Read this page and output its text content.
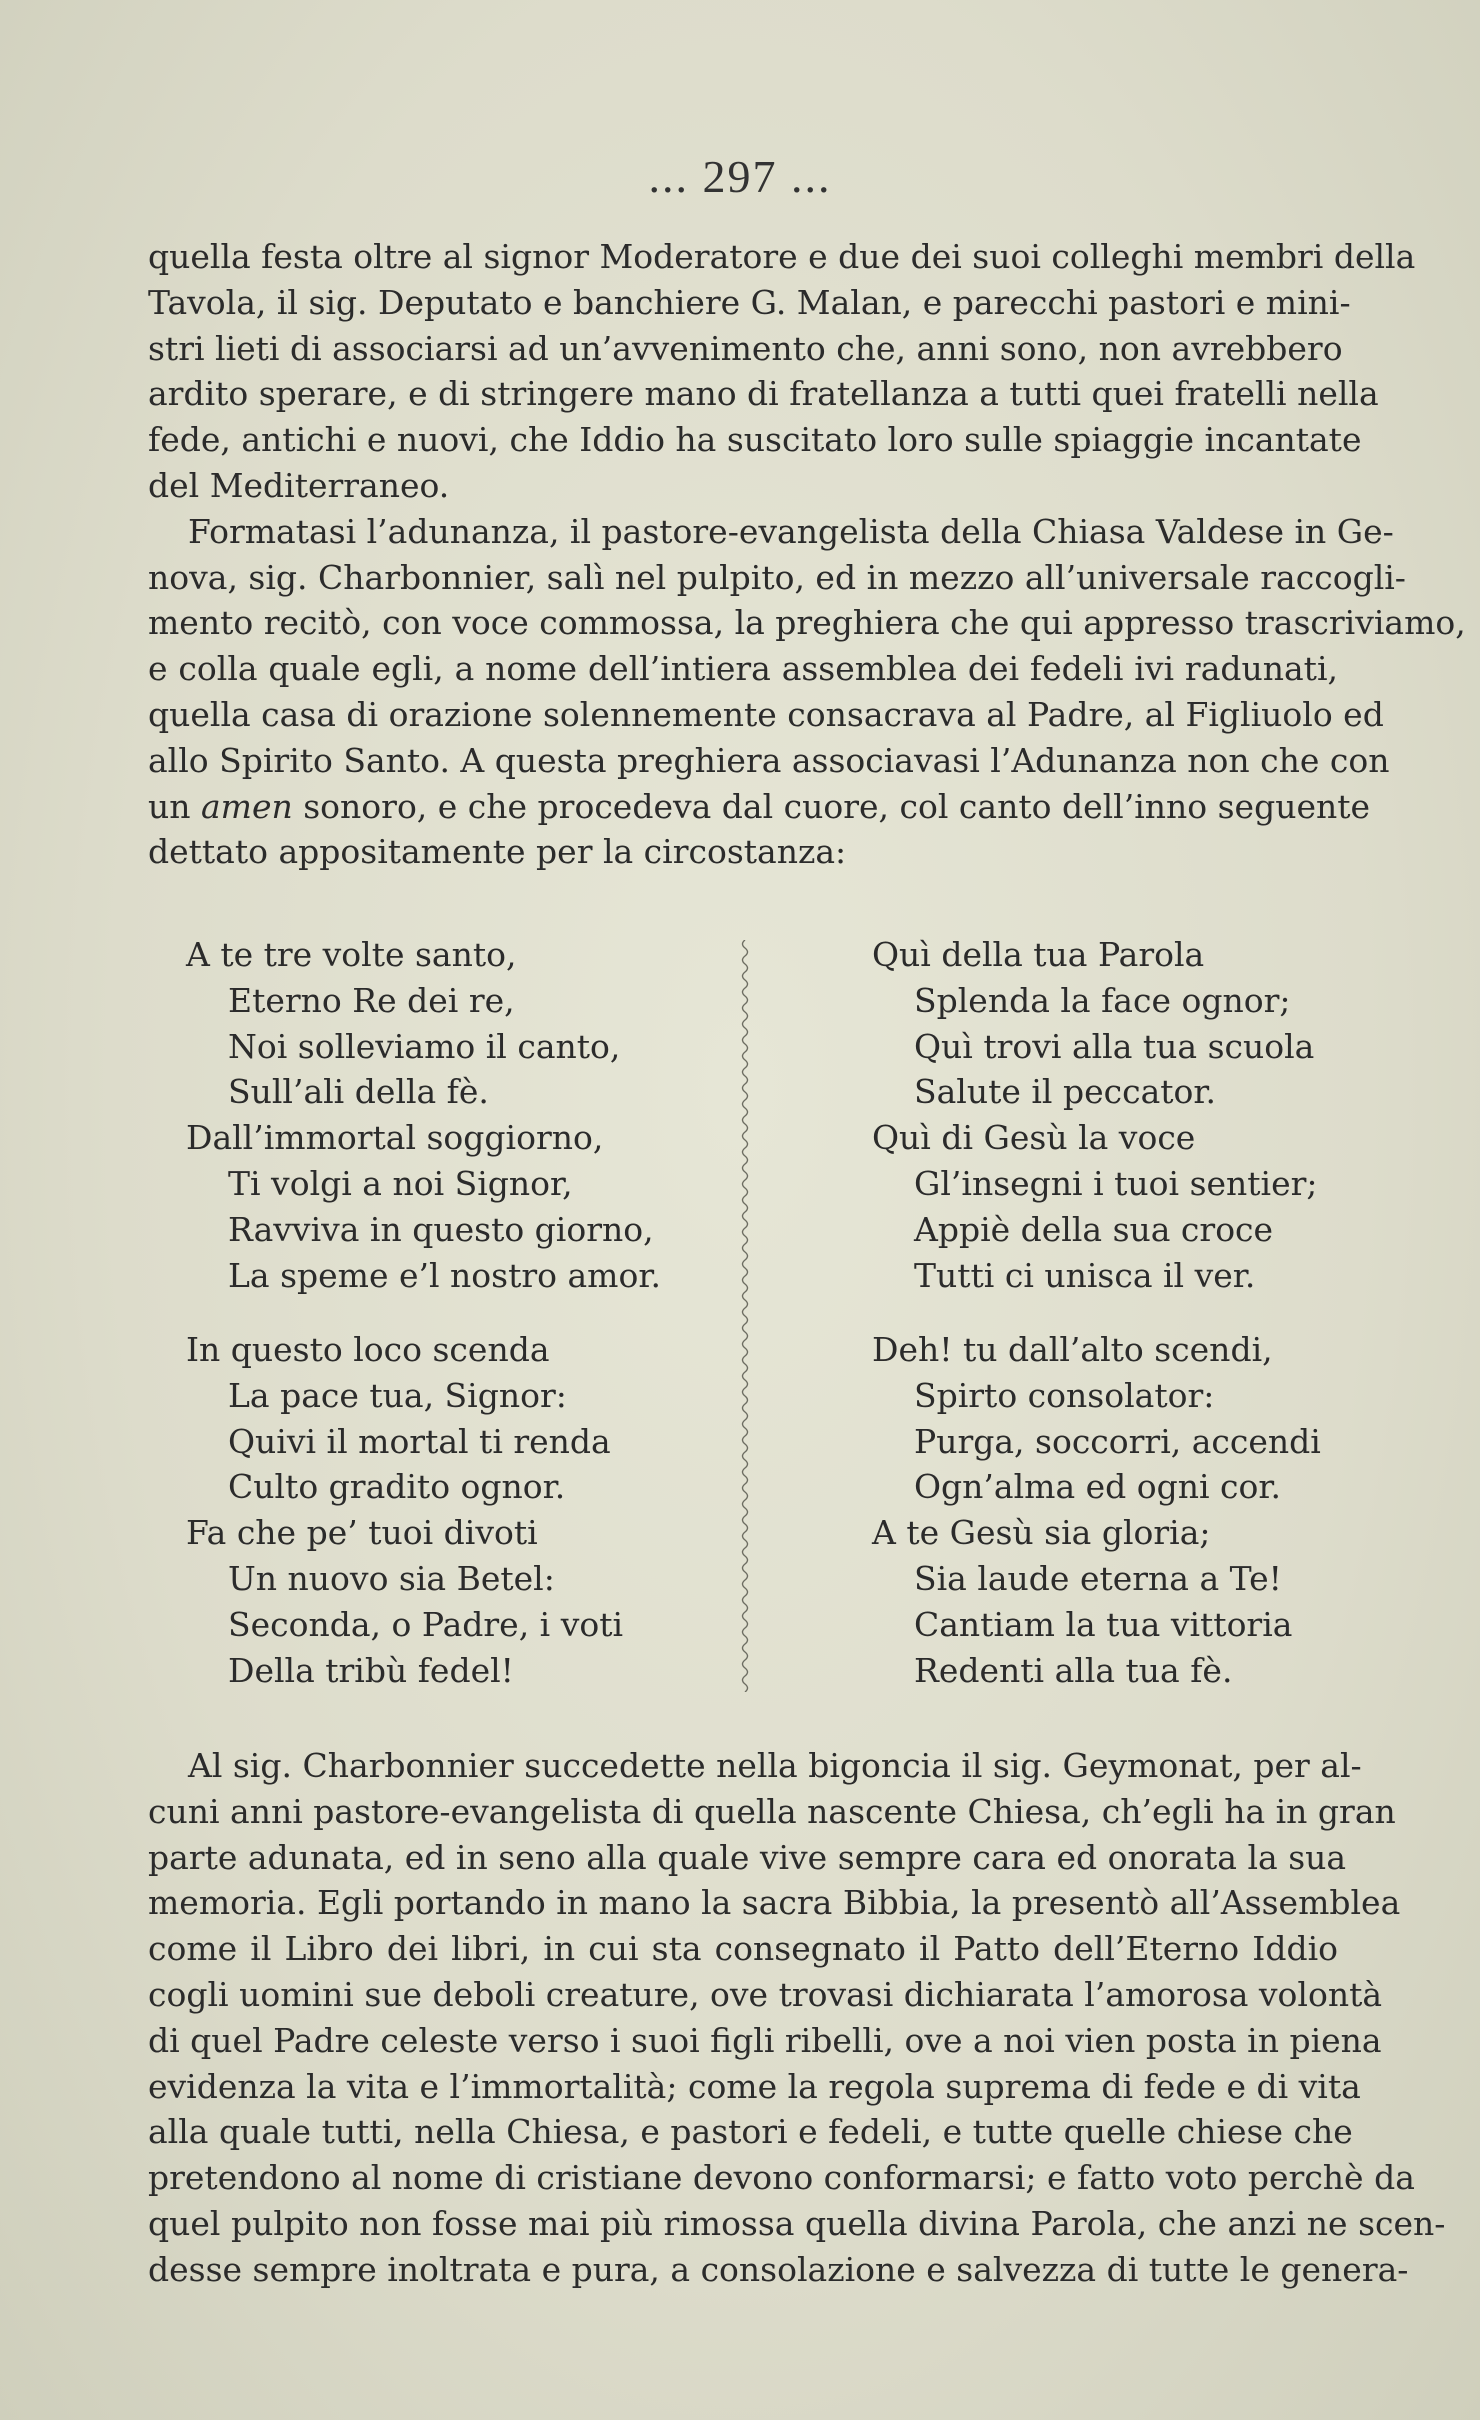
... 297 ...
quella festa oltre al signor Moderatore e due dei suoi colleghi membri della
Tavola, il sig. Deputato e banchiere G. Malan, e parecchi pastori e mini-
stri lieti di associarsi ad un’avvenimento che, anni sono, non avrebbero
ardito sperare, e di stringere mano di fratellanza a tutti quei fratelli nella
fede, antichi e nuovi, che Iddio ha suscitato loro sulle spiaggie incantate
del Mediterraneo.
Formatasi l’adunanza, il pastore-evangelista della Chiasa Valdese in Ge-
nova, sig. Charbonnier, salì nel pulpito, ed in mezzo all’universale raccogli-
mento recitò, con voce commossa, la preghiera che qui appresso trascriviamo,
e colla quale egli, a nome dell’intiera assemblea dei fedeli ivi radunati,
quella casa di orazione solennemente consacrava al Padre, al Figliuolo ed
allo Spirito Santo. A questa preghiera associavasi l’Adunanza non che con
un amen sonoro, e che procedeva dal cuore, col canto dell’inno seguente
dettato appositamente per la circostanza:
A te tre volte santo,
Eterno Re dei re,
Noi solleviamo il canto,
Sull’ali della fè.
Dall’immortal soggiorno,
Ti volgi a noi Signor,
Ravviva in questo giorno,
La speme e’l nostro amor.
In questo loco scenda
La pace tua, Signor:
Quivi il mortal ti renda
Culto gradito ognor.
Fa che pe’ tuoi divoti
Un nuovo sia Betel:
Seconda, o Padre, i voti
Della tribù fedel!
Quì della tua Parola
Splenda la face ognor;
Quì trovi alla tua scuola
Salute il peccator.
Quì di Gesù la voce
Gl’insegni i tuoi sentier;
Appiè della sua croce
Tutti ci unisca il ver.
Deh! tu dall’alto scendi,
Spirto consolator:
Purga, soccorri, accendi
Ogn’alma ed ogni cor.
A te Gesù sia gloria;
Sia laude eterna a Te!
Cantiam la tua vittoria
Redenti alla tua fè.
Al sig. Charbonnier succedette nella bigoncia il sig. Geymonat, per al-
cuni anni pastore-evangelista di quella nascente Chiesa, ch’egli ha in gran
parte adunata, ed in seno alla quale vive sempre cara ed onorata la sua
memoria. Egli portando in mano la sacra Bibbia, la presentò all’Assemblea
come il Libro dei libri, in cui sta consegnato il Patto dell’Eterno Iddio
cogli uomini sue deboli creature, ove trovasi dichiarata l’amorosa volontà
di quel Padre celeste verso i suoi figli ribelli, ove a noi vien posta in piena
evidenza la vita e l’immortalità; come la regola suprema di fede e di vita
alla quale tutti, nella Chiesa, e pastori e fedeli, e tutte quelle chiese che
pretendono al nome di cristiane devono conformarsi; e fatto voto perchè da
quel pulpito non fosse mai più rimossa quella divina Parola, che anzi ne scen-
desse sempre inoltrata e pura, a consolazione e salvezza di tutte le genera-
